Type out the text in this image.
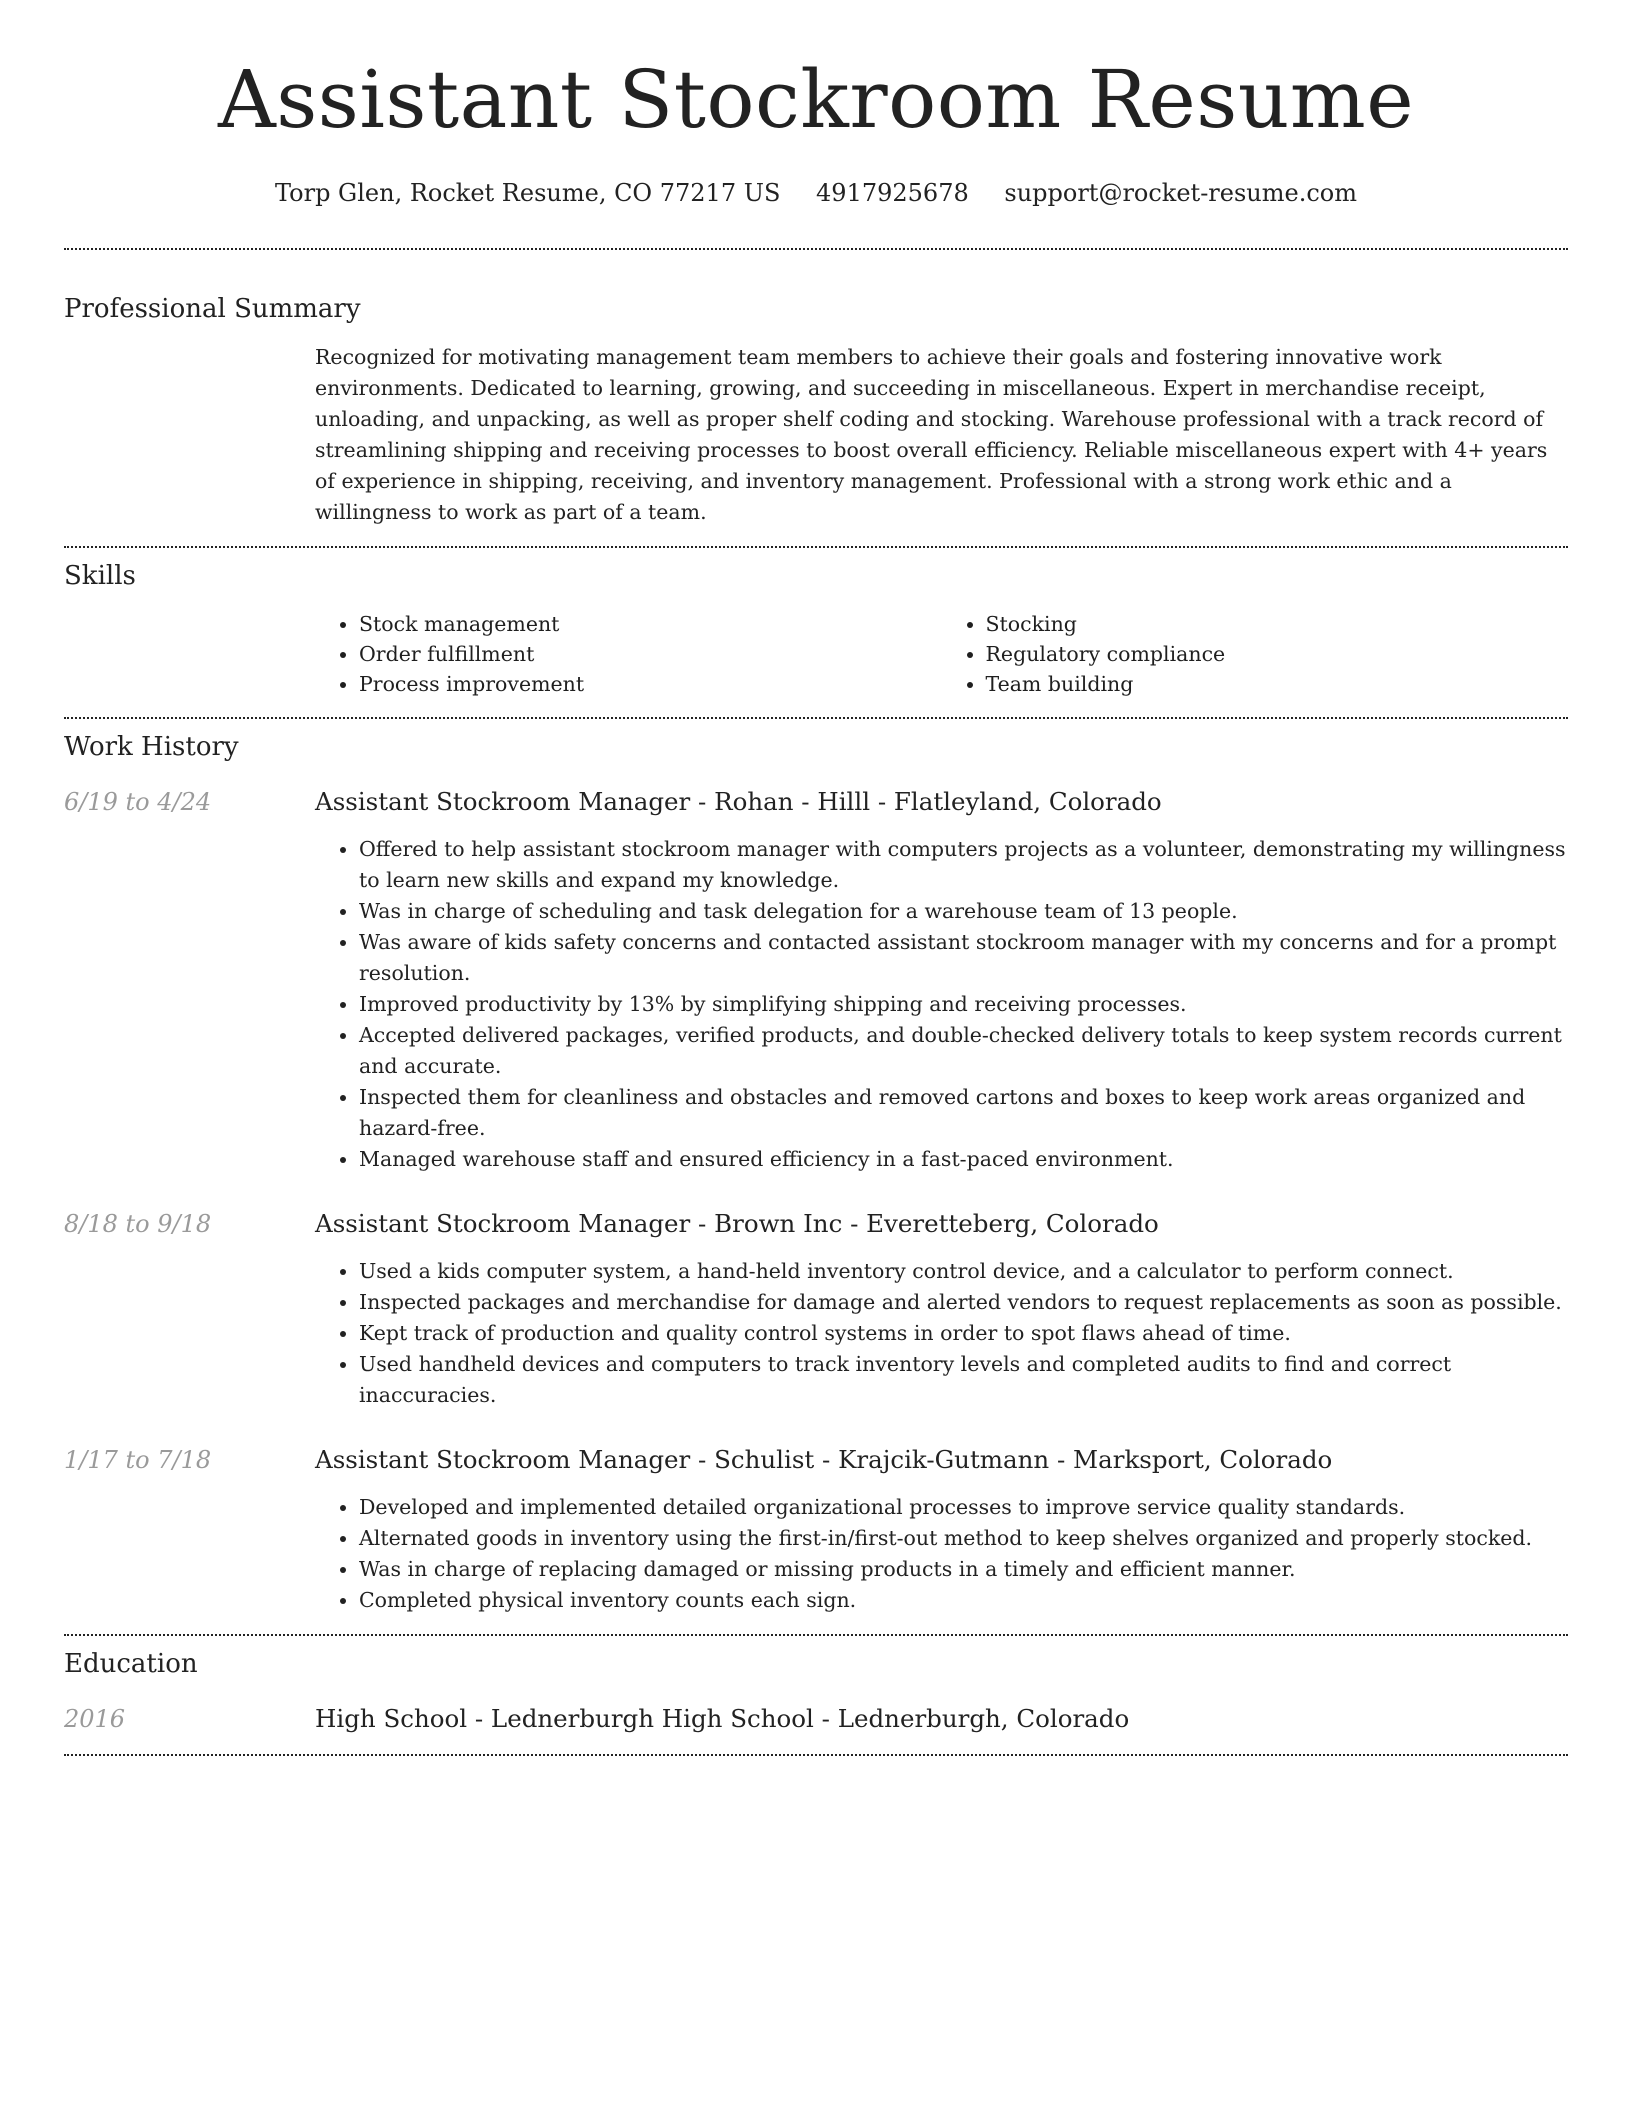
Assistant Stockroom Resume
Torp Glen, Rocket Resume, CO 77217 US 4917925678 support@rocket-resume.com
Professional Summary

Recognized for motivating management team members to achieve their goals and fostering innovative work environments. Dedicated to learning, growing, and succeeding in miscellaneous. Expert in merchandise receipt, unloading, and unpacking, as well as proper shelf coding and stocking. Warehouse professional with a track record of streamlining shipping and receiving processes to boost overall efficiency. Reliable miscellaneous expert with 4+ years of experience in shipping, receiving, and inventory management. Professional with a strong work ethic and a willingness to work as part of a team.

Skills
• Stock management
• Order fulfillment
• Process improvement
• Stocking
• Regulatory compliance
• Team building
Work History
6/19 to 4/24	Assistant Stockroom Manager - Rohan - Hilll - Flatleyland, Colorado
• Offered to help assistant stockroom manager with computers projects as a volunteer, demonstrating my willingness to learn new skills and expand my knowledge.
• Was in charge of scheduling and task delegation for a warehouse team of 13 people.
• Was aware of kids safety concerns and contacted assistant stockroom manager with my concerns and for a prompt resolution.
• Improved productivity by 13% by simplifying shipping and receiving processes.
• Accepted delivered packages, verified products, and double-checked delivery totals to keep system records current and accurate.
• Inspected them for cleanliness and obstacles and removed cartons and boxes to keep work areas organized and hazard-free.
• Managed warehouse staff and ensured efficiency in a fast-paced environment.
8/18 to 9/18	Assistant Stockroom Manager - Brown Inc - Everetteberg, Colorado
• Used a kids computer system, a hand-held inventory control device, and a calculator to perform connect.
• Inspected packages and merchandise for damage and alerted vendors to request replacements as soon as possible.
• Kept track of production and quality control systems in order to spot flaws ahead of time.
• Used handheld devices and computers to track inventory levels and completed audits to find and correct inaccuracies.
1/17 to 7/18	Assistant Stockroom Manager - Schulist - Krajcik-Gutmann - Marksport, Colorado
• Developed and implemented detailed organizational processes to improve service quality standards.
• Alternated goods in inventory using the first-in/first-out method to keep shelves organized and properly stocked.
• Was in charge of replacing damaged or missing products in a timely and efficient manner.
• Completed physical inventory counts each sign.
Education
2016	High School - Lednerburgh High School - Lednerburgh, Colorado
